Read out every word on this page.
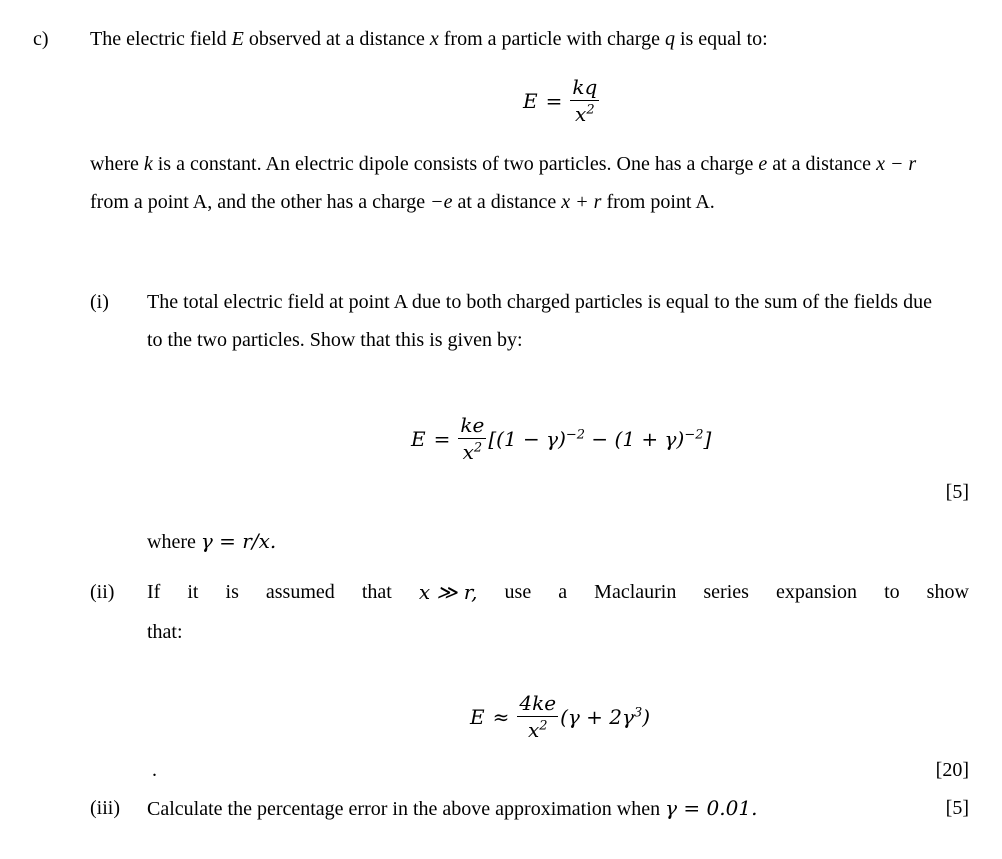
c) The electric field E observed at a distance x from a particle with charge q is equal to:
$E = \frac{kq}{x^2}$
where k is a constant. An electric dipole consists of two particles. One has a charge e at a distance x − r
from a point A, and the other has a charge −e at a distance x + r from point A.
(i) The total electric field at point A due to both charged particles is equal to the sum of the fields due
to the two particles. Show that this is given by:
$E = \frac{ke}{x^2} [(1 - \gamma)^{-2} - (1 + \gamma)^{-2}]$
[5]
where γ = r/x.
(ii) If it is assumed that x ≫ r, use a Maclaurin series expansion to show
that:
$E \approx \frac{4ke}{x^2} (\gamma + 2\gamma^3)$
.	[20]
(iii) Calculate the percentage error in the above approximation when γ = 0.01.	[5]
